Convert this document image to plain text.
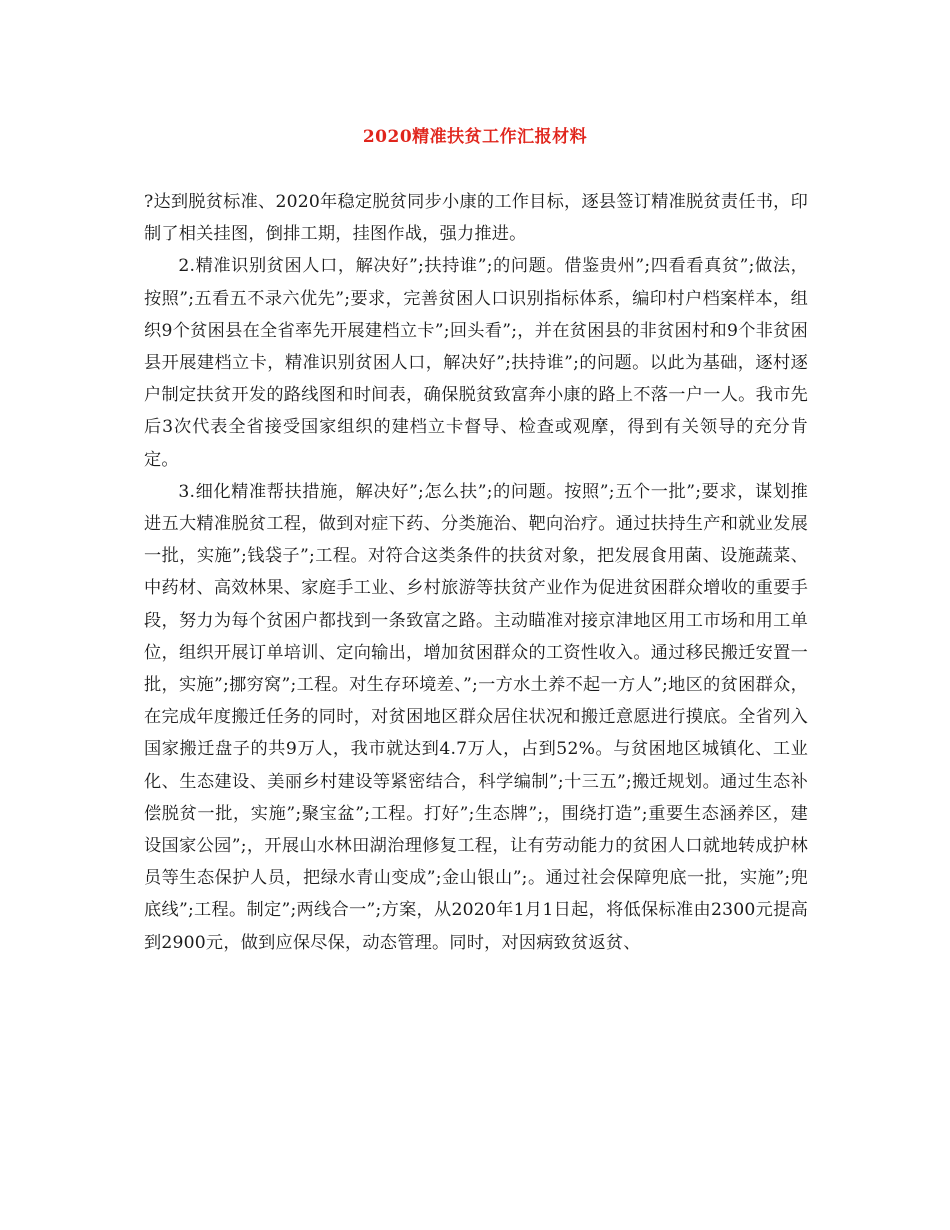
2020精准扶贫工作汇报材料

?达到脱贫标准、2020年稳定脱贫同步小康的工作目标，逐县签订精准脱贫责任书，印制了相关挂图，倒排工期，挂图作战，强力推进。

2.精准识别贫困人口，解决好”;扶持谁”;的问题。借鉴贵州”;四看看真贫”;做法，按照”;五看五不录六优先”;要求，完善贫困人口识别指标体系，编印村户档案样本，组织9个贫困县在全省率先开展建档立卡”;回头看”;，并在贫困县的非贫困村和9个非贫困县开展建档立卡，精准识别贫困人口，解决好”;扶持谁”;的问题。以此为基础，逐村逐户制定扶贫开发的路线图和时间表，确保脱贫致富奔小康的路上不落一户一人。我市先后3次代表全省接受国家组织的建档立卡督导、检查或观摩，得到有关领导的充分肯定。

3.细化精准帮扶措施，解决好”;怎么扶”;的问题。按照”;五个一批”;要求，谋划推进五大精准脱贫工程，做到对症下药、分类施治、靶向治疗。通过扶持生产和就业发展一批，实施”;钱袋子”;工程。对符合这类条件的扶贫对象，把发展食用菌、设施蔬菜、中药材、高效林果、家庭手工业、乡村旅游等扶贫产业作为促进贫困群众增收的重要手段，努力为每个贫困户都找到一条致富之路。主动瞄准对接京津地区用工市场和用工单位，组织开展订单培训、定向输出，增加贫困群众的工资性收入。通过移民搬迁安置一批，实施”;挪穷窝”;工程。对生存环境差、”;一方水土养不起一方人”;地区的贫困群众，在完成年度搬迁任务的同时，对贫困地区群众居住状况和搬迁意愿进行摸底。全省列入国家搬迁盘子的共9万人，我市就达到4.7万人，占到52%。与贫困地区城镇化、工业化、生态建设、美丽乡村建设等紧密结合，科学编制”;十三五”;搬迁规划。通过生态补偿脱贫一批，实施”;聚宝盆”;工程。打好”;生态牌”;，围绕打造”;重要生态涵养区，建设国家公园”;，开展山水林田湖治理修复工程，让有劳动能力的贫困人口就地转成护林员等生态保护人员，把绿水青山变成”;金山银山”;。通过社会保障兜底一批，实施”;兜底线”;工程。制定”;两线合一”;方案，从2020年1月1日起，将低保标准由2300元提高到2900元，做到应保尽保，动态管理。同时，对因病致贫返贫、
